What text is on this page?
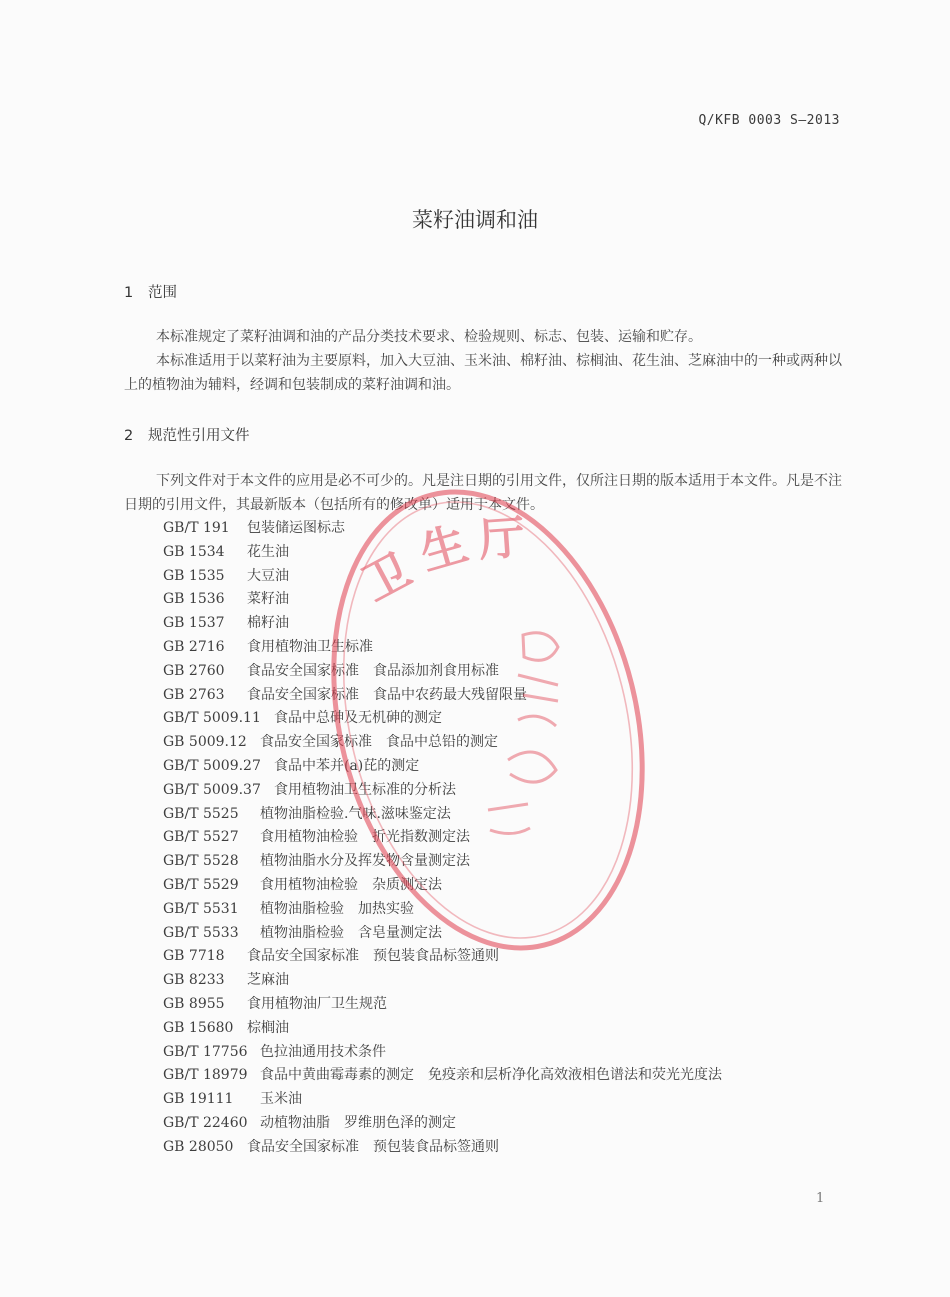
Q/KFB 0003 S—2013
菜籽油调和油
1 范围

本标准规定了菜籽油调和油的产品分类技术要求、检验规则、标志、包装、运输和贮存。

本标准适用于以菜籽油为主要原料，加入大豆油、玉米油、棉籽油、棕榈油、花生油、芝麻油中的一种或两种以上的植物油为辅料，经调和包装制成的菜籽油调和油。

2 规范性引用文件

下列文件对于本文件的应用是必不可少的。凡是注日期的引用文件，仅所注日期的版本适用于本文件。凡是不注日期的引用文件，其最新版本（包括所有的修改单）适用于本文件。

GB/T 191 包装储运图标志
GB 1534 花生油
GB 1535 大豆油
GB 1536 菜籽油
GB 1537 棉籽油
GB 2716 食用植物油卫生标准
GB 2760 食品安全国家标准　食品添加剂食用标准
GB 2763 食品安全国家标准　食品中农药最大残留限量
GB/T 5009.11 食品中总砷及无机砷的测定
GB 5009.12 食品安全国家标准　食品中总铅的测定
GB/T 5009.27 食品中苯并(a)芘的测定
GB/T 5009.37 食用植物油卫生标准的分析法
GB/T 5525 植物油脂检验.气味.滋味鉴定法
GB/T 5527 食用植物油检验　折光指数测定法
GB/T 5528 植物油脂水分及挥发物含量测定法
GB/T 5529 食用植物油检验　杂质测定法
GB/T 5531 植物油脂检验　加热实验
GB/T 5533 植物油脂检验　含皂量测定法
GB 7718 食品安全国家标准　预包装食品标签通则
GB 8233 芝麻油
GB 8955 食用植物油厂卫生规范
GB 15680 棕榈油
GB/T 17756 色拉油通用技术条件
GB/T 18979 食品中黄曲霉毒素的测定　免疫亲和层析净化高效液相色谱法和荧光光度法
GB 19111 玉米油
GB/T 22460 动植物油脂　罗维朋色泽的测定
GB 28050 食品安全国家标准　预包装食品标签通则
1
卫
生 厅
